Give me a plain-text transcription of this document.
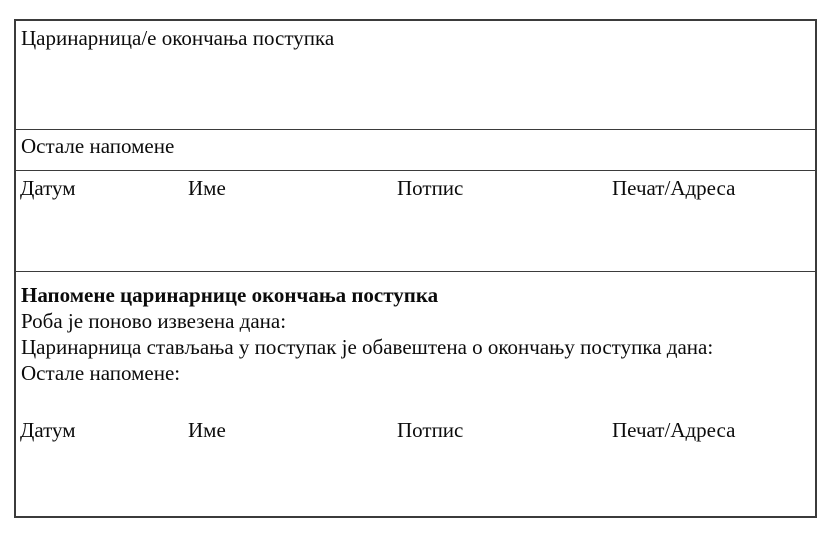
Царинарница/е окончања поступка
Остале напомене
Датум	Име	Потпис	Печат/Адреса
Напомене царинарнице окончања поступка
Роба је поново извезена дана:
Царинарница стављања у поступак је обавештена о окончању поступка дана:
Остале напомене:
Датум	Име	Потпис	Печат/Адреса
